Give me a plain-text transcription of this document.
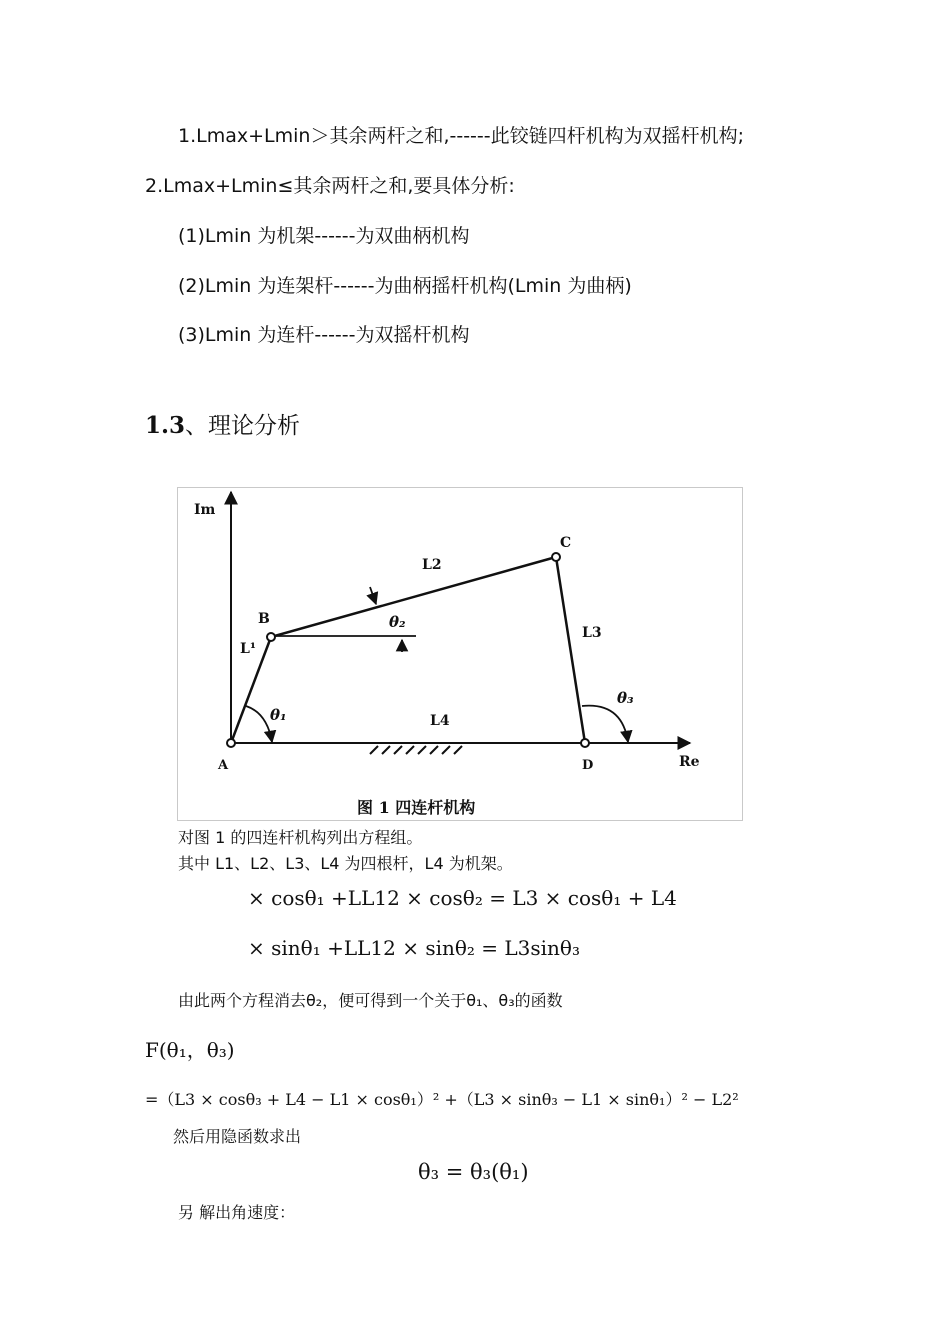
1.Lmax+Lmin＞其余两杆之和,------此铰链四杆机构为双摇杆机构;
2.Lmax+Lmin≤其余两杆之和,要具体分析:
(1)Lmin 为机架------为双曲柄机构
(2)Lmin 为连架杆------为曲柄摇杆机构(Lmin 为曲柄)
(3)Lmin 为连杆------为双摇杆机构
1.3、理论分析
Im
Re
A
B
C
D
L¹
L2
L3
L4
θ₁
θ₂
θ₃
图 1 四连杆机构
对图 1 的四连杆机构列出方程组。
其中 L1、L2、L3、L4 为四根杆，L4 为机架。
× cosθ₁ +LL12 × cosθ₂ = L3 × cosθ₁ + L4
× sinθ₁ +LL12 × sinθ₂ = L3sinθ₃
由此两个方程消去θ₂，便可得到一个关于θ₁、θ₃的函数
F(θ₁，θ₃)
=（L3 × cosθ₃ + L4 − L1 × cosθ₁）² +（L3 × sinθ₃ − L1 × sinθ₁）² − L2²
然后用隐函数求出
θ₃ = θ₃(θ₁)
另 解出角速度：
